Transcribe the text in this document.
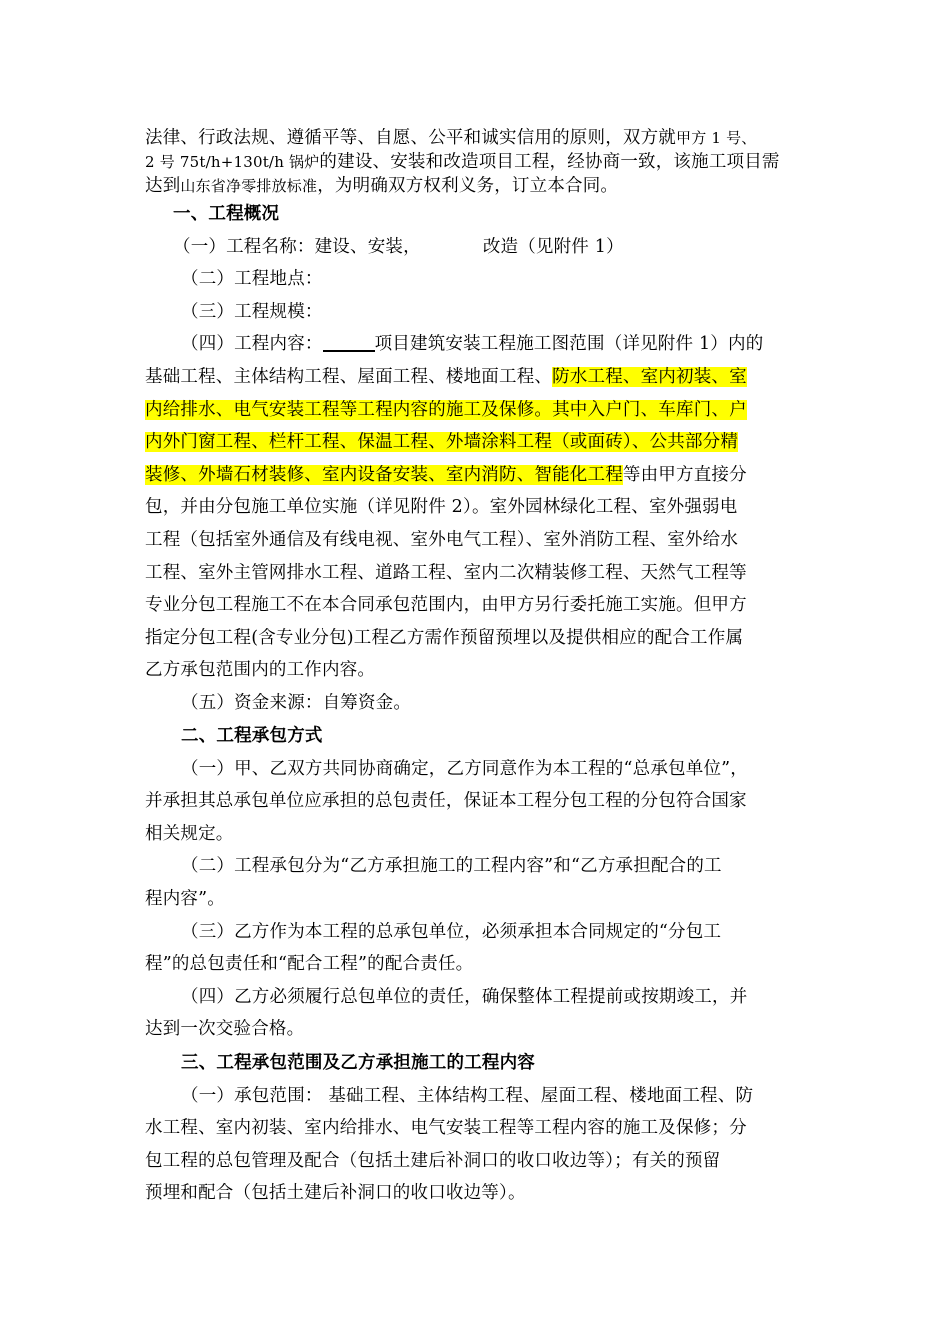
法律、行政法规、遵循平等、自愿、公平和诚实信用的原则，双方就甲方 1 号、
2 号 75t/h+130t/h 锅炉的建设、安装和改造项目工程，经协商一致，该施工项目需
达到山东省净零排放标准，为明确双方权利义务，订立本合同。
一、工程概况
（一）工程名称：建设、安装，	改造（见附件 1）
（二）工程地点：
（三）工程规模：
（四）工程内容：	项目建筑安装工程施工图范围（详见附件 1）内的
基础工程、主体结构工程、屋面工程、楼地面工程、防水工程、室内初装、室
内给排水、电气安装工程等工程内容的施工及保修。其中入户门、车库门、户
内外门窗工程、栏杆工程、保温工程、外墙涂料工程（或面砖）、公共部分精
装修、外墙石材装修、室内设备安装、室内消防、智能化工程等由甲方直接分
包，并由分包施工单位实施（详见附件 2）。室外园林绿化工程、室外强弱电
工程（包括室外通信及有线电视、室外电气工程）、室外消防工程、室外给水
工程、室外主管网排水工程、道路工程、室内二次精装修工程、天然气工程等
专业分包工程施工不在本合同承包范围内，由甲方另行委托施工实施。但甲方
指定分包工程(含专业分包)工程乙方需作预留预埋以及提供相应的配合工作属
乙方承包范围内的工作内容。
（五）资金来源：自筹资金。
二、工程承包方式
（一）甲、乙双方共同协商确定，乙方同意作为本工程的“总承包单位”，
并承担其总承包单位应承担的总包责任，保证本工程分包工程的分包符合国家
相关规定。
（二）工程承包分为“乙方承担施工的工程内容”和“乙方承担配合的工
程内容”。
（三）乙方作为本工程的总承包单位，必须承担本合同规定的“分包工
程”的总包责任和“配合工程”的配合责任。
（四）乙方必须履行总包单位的责任，确保整体工程提前或按期竣工，并
达到一次交验合格。
三、工程承包范围及乙方承担施工的工程内容
（一）承包范围： 基础工程、主体结构工程、屋面工程、楼地面工程、防
水工程、室内初装、室内给排水、电气安装工程等工程内容的施工及保修；分
包工程的总包管理及配合（包括土建后补洞口的收口收边等）；有关的预留
预埋和配合（包括土建后补洞口的收口收边等）。
